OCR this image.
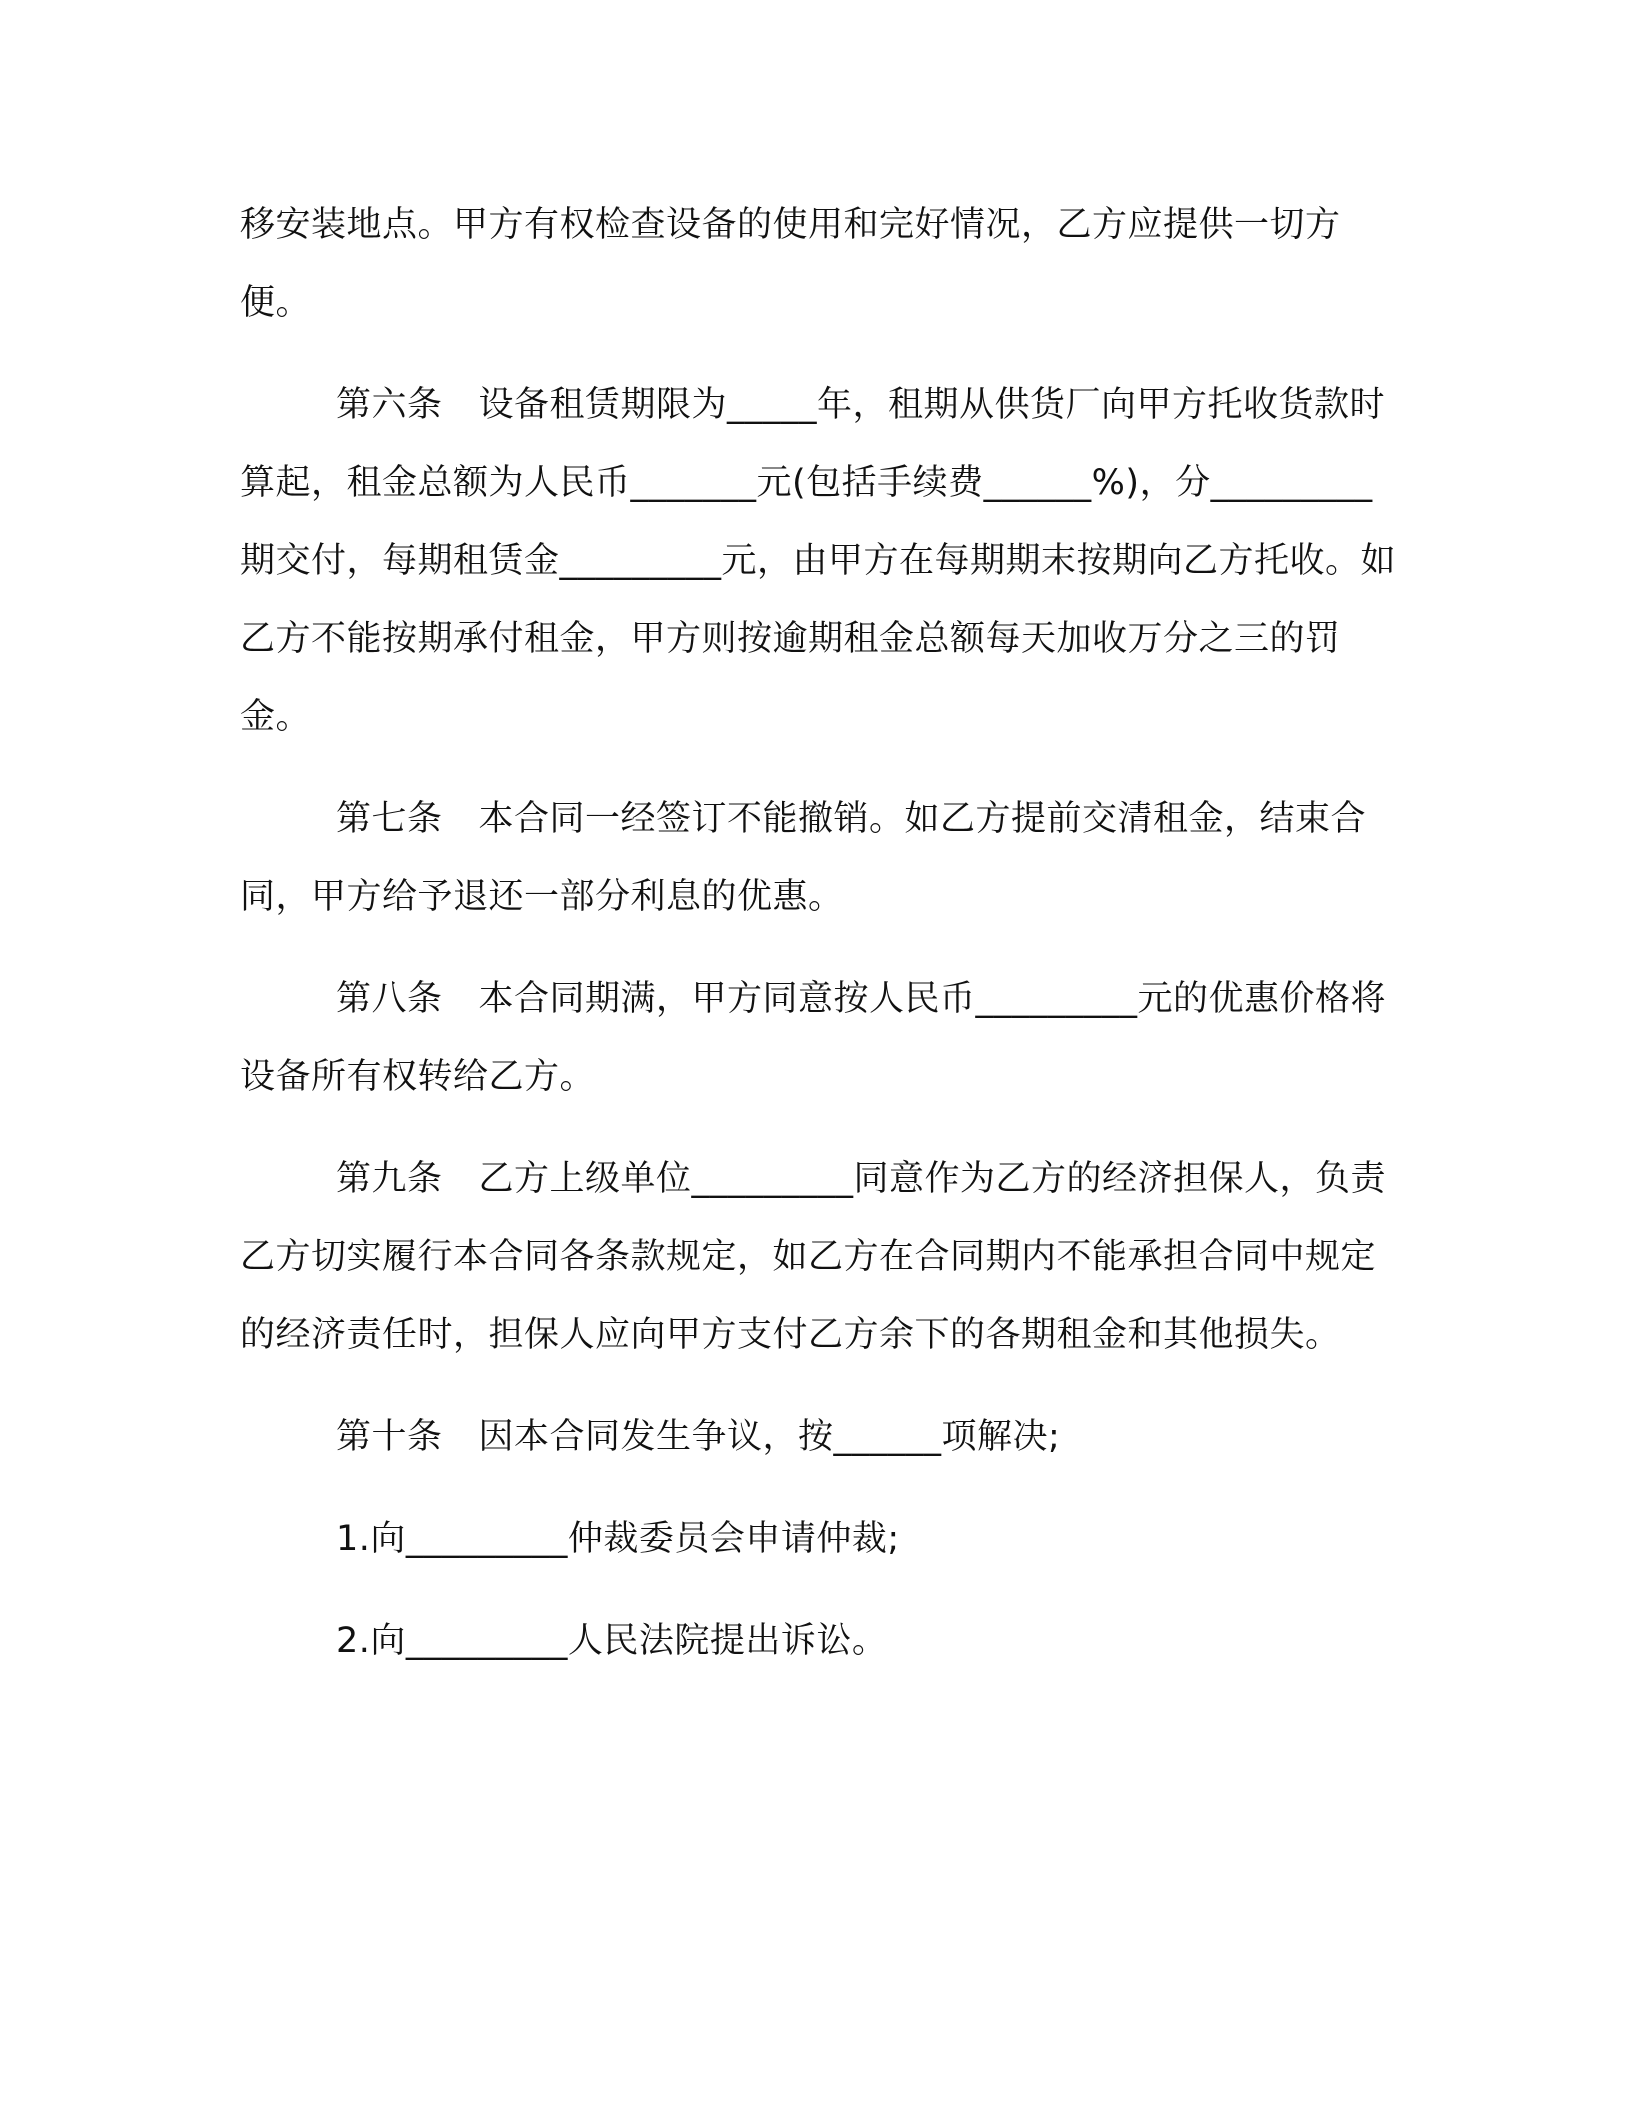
移安装地点。甲方有权检查设备的使用和完好情况，乙方应提供一切方便。

第六条 设备租赁期限为_____年，租期从供货厂向甲方托收货款时算起，租金总额为人民币_______元(包括手续费______%)，分_________期交付，每期租赁金_________元，由甲方在每期期末按期向乙方托收。如乙方不能按期承付租金，甲方则按逾期租金总额每天加收万分之三的罚金。

第七条 本合同一经签订不能撤销。如乙方提前交清租金，结束合同，甲方给予退还一部分利息的优惠。

第八条 本合同期满，甲方同意按人民币_________元的优惠价格将设备所有权转给乙方。

第九条 乙方上级单位_________同意作为乙方的经济担保人，负责乙方切实履行本合同各条款规定，如乙方在合同期内不能承担合同中规定的经济责任时，担保人应向甲方支付乙方余下的各期租金和其他损失。

第十条 因本合同发生争议，按______项解决;

1.向_________仲裁委员会申请仲裁;

2.向_________人民法院提出诉讼。
